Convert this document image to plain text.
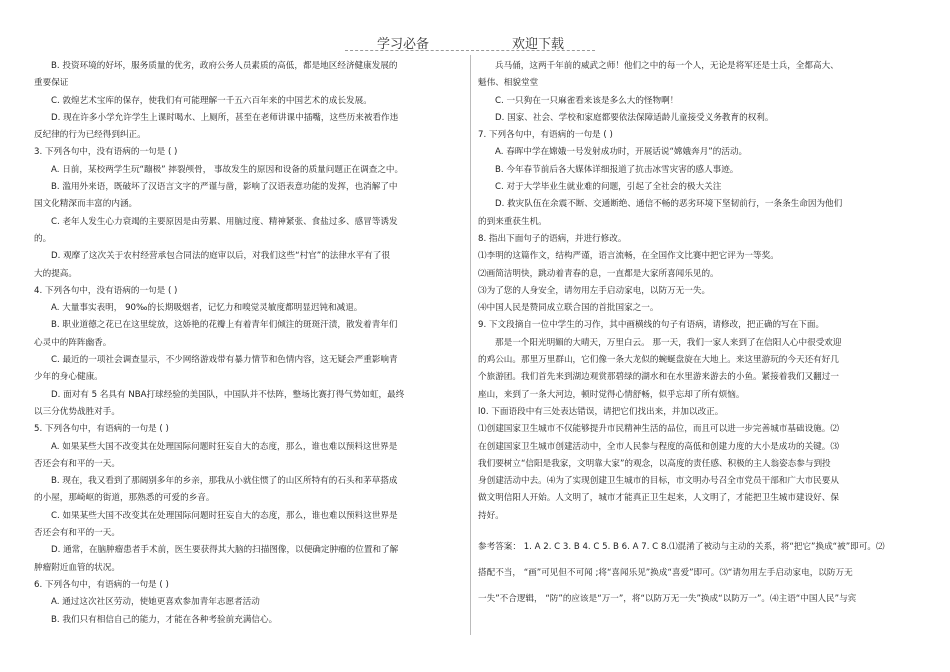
学习必备	欢迎下载
B. 投资环境的好坏，服务质量的优劣，政府公务人员素质的高低，都是地区经济健康发展的
重要保证
C. 敦煌艺术宝库的保存，使我们有可能理解一千五六百年来的中国艺术的成长发展。
D. 现在许多小学允许学生上课时喝水、上厕所，甚至在老师讲课中插嘴，这些历来被看作违
反纪律的行为已经得到纠正。
3. 下列各句中，没有语病的一句是 ( )
A. 日前，某校两学生玩“蹦极” 摔裂颅骨， 事故发生的原因和设备的质量问题正在调查之中。
B. 滥用外来语，既破坏了汉语言文字的严谨与凿，影响了汉语表意功能的发挥，也消解了中
国文化精深而丰富的内涵。
C. 老年人发生心力衰竭的主要原因是由劳累、用脑过度、精神紧张、食盐过多、感冒等诱发
的。
D. 观摩了这次关于农村经营承包合同法的庭审以后，对我们这些“村官”的法律水平有了很
大的提高。
4. 下列各句中，没有语病的一句是 ( )
A. 大量事实表明， 90‰的长期吸烟者，记忆力和嗅觉灵敏度都明显迟钝和减退。
B. 职业道德之花已在这里绽放，这娇艳的花瓣上有着青年们倾注的斑斑汗渍，散发着青年们
心灵中的阵阵幽香。
C. 最近的一项社会调查显示，不少网络游戏带有暴力情节和色情内容，这无疑会严重影响青
少年的身心健康。
D. 面对有 5 名具有 NBA打球经验的美国队，中国队并不怯阵，整场比赛打得气势如虹，最终
以三分优势战胜对手。
5. 下列各句中，有语病的一句是 ( )
A. 如果某些大国不改变其在处理国际问题时狂妄自大的态度，那么，谁也难以预料这世界是
否还会有和平的一天。
B. 现在，我又看到了那阔别多年的乡亲，那我从小就住惯了的山区所特有的石头和茅草搭成
的小屋，那崎岖的街道，那熟悉的可爱的乡音。
C. 如果某些大国不改变其在处理国际问题时狂妄自大的态度，那么，谁也难以预料这世界是
否还会有和平的一天。
D. 通常，在脑肿瘤患者手术前，医生要获得其大脑的扫描图像，以便确定肿瘤的位置和了解
肿瘤附近血管的状况。
6. 下列各句中，有语病的一句是 ( )
A. 通过这次社区劳动，使她更喜欢参加青年志愿者活动
B. 我们只有相信自己的能力，才能在各种考验前充满信心。
兵马俑，这两千年前的威武之师！他们之中的每一个人，无论是将军还是士兵，全都高大、
魁伟、相貌堂堂
C. 一只狗在一只麻雀看来该是多么大的怪物啊！
D. 国家、社会、学校和家庭都要依法保障适龄儿童接受义务教育的权利。
7. 下列各句中，有语病的一句是 ( )
A. 春晖中学在嫦娥一号发射成功时，开展话说“嫦娥奔月”的活动。
B. 今年春节前后各大媒体详细报道了抗击冰雪灾害的感人事迹。
C. 对于大学毕业生就业难的问题，引起了全社会的极大关注
D. 救灾队伍在余震不断、交通断绝、通信不畅的恶劣环境下坚韧前行，一条条生命因为他们
的到来重获生机。
8. 指出下面句子的语病，并进行修改。
⑴李明的这篇作文，结构严谨，语言流畅，在全国作文比赛中把它评为一等奖。
⑵画简洁明快，跳动着青春的息，一直都是大家所喜闻乐见的。
⑶为了您的人身安全，请勿用左手启动家电，以防万无一失。
⑷中国人民是赞同成立联合国的首批国家之一。
9. 下文段摘自一位中学生的习作，其中画横线的句子有语病，请修改，把正确的写在下面。
那是一个阳光明媚的大晴天，万里白云。 那一天，我们一家人来到了在信阳人心中很受欢迎
的鸡公山。那里万里群山，它们像一条大龙似的蜿蜒盘旋在大地上。来这里游玩的今天还有好几
个旅游团。我们首先来到湖边观赏那碧绿的湖水和在水里游来游去的小鱼。紧接着我们又翻过一
座山，来到了一条大河边，顿时觉得心情舒畅，似乎忘却了所有烦恼。
l0. 下面语段中有三处表达错误，请把它们找出来，并加以改正。
⑴创建国家卫生城市不仅能够提升市民精神生活的品位，而且可以进一步完善城市基础设施。⑵
在创建国家卫生城市创建活动中，全市人民参与程度的高低和创建力度的大小是成功的关键。⑶
我们要树立“信阳是我家，文明靠大家”的观念，以高度的责任感、积极的主人翁姿态参与到投
身创建活动中去。⑷为了实现创建卫生城市的目标，市文明办号召全市党员干部和广大市民要从
做文明信阳人开始。人文明了，城市才能真正卫生起来，人文明了，才能把卫生城市建设好、保
持好。
参考答案： 1. A 2. C 3. B 4. C 5. B 6. A 7. C 8.⑴混淆了被动与主动的关系，将“把它”换成“被”即可。⑵
搭配不当， “画”可见但不可闻 ;将“喜闻乐见”换成“喜爱”即可。⑶“请勿用左手启动家电，以防万无
一失”不合逻辑， “防”的应该是“万一”，将“以防万无一失”换成“以防万一”。⑷主语“中国人民”与宾
